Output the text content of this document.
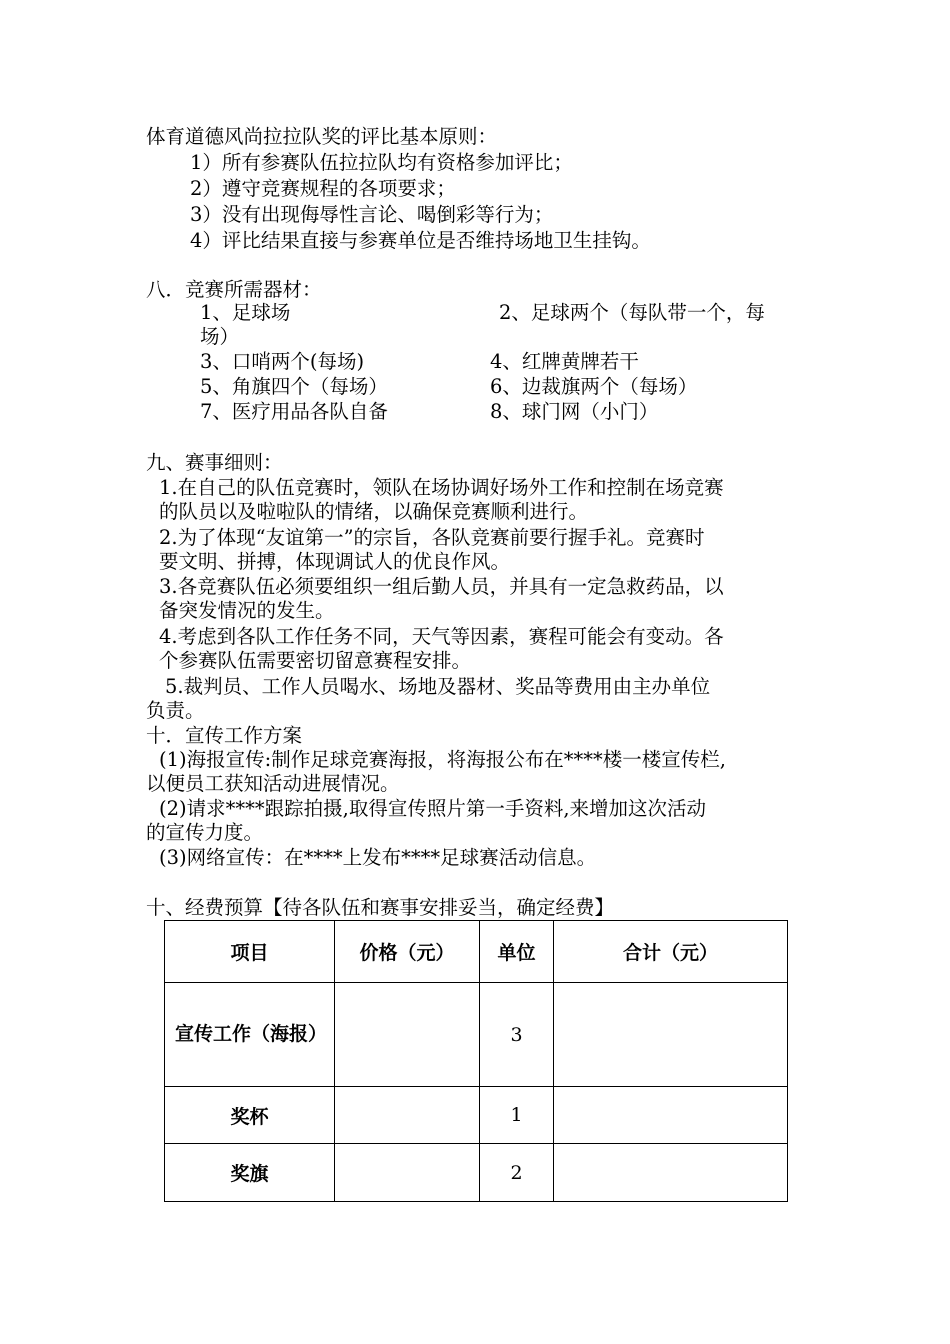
体育道德风尚拉拉队奖的评比基本原则：
1）所有参赛队伍拉拉队均有资格参加评比；
2）遵守竞赛规程的各项要求；
3）没有出现侮辱性言论、喝倒彩等行为；
4）评比结果直接与参赛单位是否维持场地卫生挂钩。
八．竞赛所需器材：
1、足球场	2、足球两个（每队带一个，每
场）
3、口哨两个(每场)	4、红牌黄牌若干
5、角旗四个（每场）	6、边裁旗两个（每场）
7、医疗用品各队自备	8、球门网（小门）
九、赛事细则：
1.在自己的队伍竞赛时，领队在场协调好场外工作和控制在场竞赛
的队员以及啦啦队的情绪，以确保竞赛顺利进行。
2.为了体现“友谊第一”的宗旨，各队竞赛前要行握手礼。竞赛时
要文明、拼搏，体现调试人的优良作风。
3.各竞赛队伍必须要组织一组后勤人员，并具有一定急救药品，以
备突发情况的发生。
4.考虑到各队工作任务不同，天气等因素，赛程可能会有变动。各
个参赛队伍需要密切留意赛程安排。
5.裁判员、工作人员喝水、场地及器材、奖品等费用由主办单位
负责。
十．宣传工作方案
(1)海报宣传:制作足球竞赛海报，将海报公布在****楼一楼宣传栏,
以便员工获知活动进展情况。
(2)请求****跟踪拍摄,取得宣传照片第一手资料,来增加这次活动
的宣传力度。
(3)网络宣传：在****上发布****足球赛活动信息。
十、经费预算【待各队伍和赛事安排妥当，确定经费】
项目	价格（元）	单位	合计（元）
宣传工作（海报）		3	
奖杯		1	
奖旗		2	
